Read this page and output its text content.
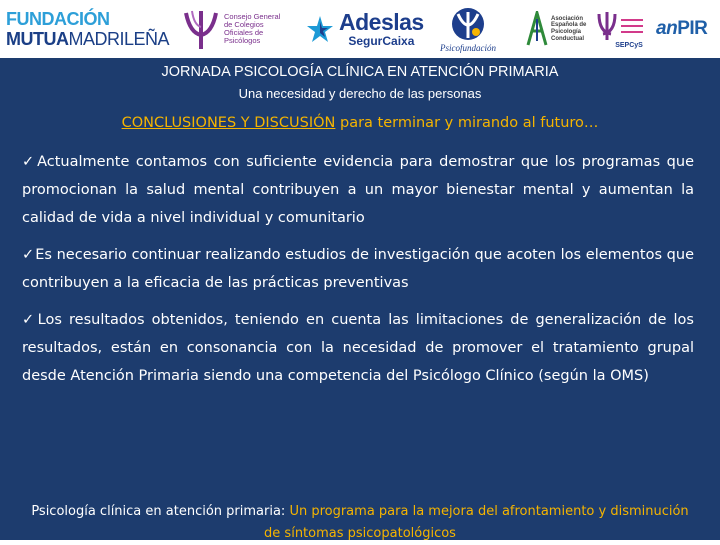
FUNDACIÓN
MUTUAMADRILEÑA
Consejo General de Colegios Oficiales de Psicólogos
Adeslas
SegurCaixa	Psicofundación
Asociación Española de Psicología Conductual
SEPCyS
anPIR
JORNADA PSICOLOGÍA CLÍNICA EN ATENCIÓN PRIMARIA
Una necesidad y derecho de las personas
CONCLUSIONES Y DISCUSIÓN para terminar y mirando al futuro…

✓Actualmente contamos con suficiente evidencia para demostrar que los programas que promocionan la salud mental contribuyen a un mayor bienestar mental y aumentan la calidad de vida a nivel individual y comunitario

✓Es necesario continuar realizando estudios de investigación que acoten los elementos que contribuyen a la eficacia de las prácticas preventivas

✓Los resultados obtenidos, teniendo en cuenta las limitaciones de generalización de los resultados, están en consonancia con la necesidad de promover el tratamiento grupal desde Atención Primaria siendo una competencia del Psicólogo Clínico (según la OMS)

Psicología clínica en atención primaria: Un programa para la mejora del afrontamiento y disminución de síntomas psicopatológicos
